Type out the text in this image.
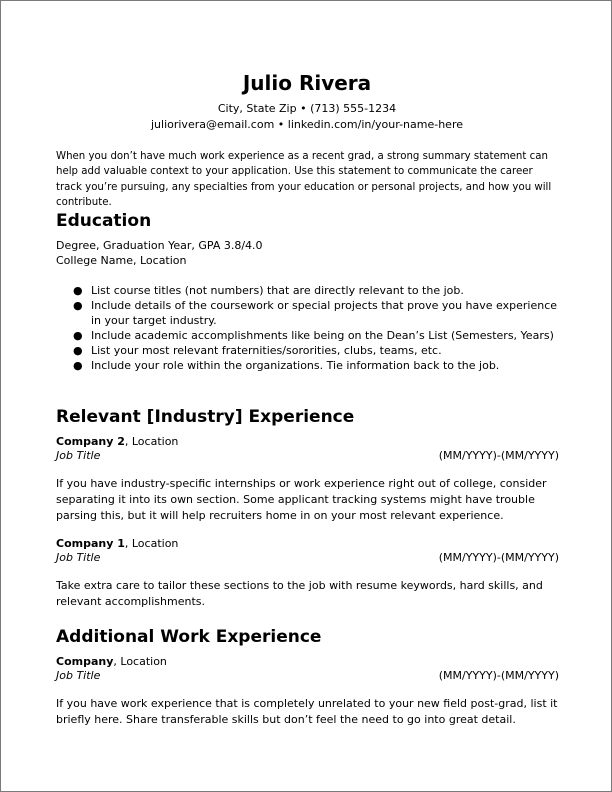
Julio Rivera
City, State Zip • (713) 555-1234
juliorivera@email.com • linkedin.com/in/your-name-here
When you don’t have much work experience as a recent grad, a strong summary statement can help add valuable context to your application. Use this statement to communicate the career track you’re pursuing, any specialties from your education or personal projects, and how you will contribute.
Education
Degree, Graduation Year, GPA 3.8/4.0
College Name, Location
● List course titles (not numbers) that are directly relevant to the job.
● Include details of the coursework or special projects that prove you have experience in your target industry.
● Include academic accomplishments like being on the Dean’s List (Semesters, Years)
● List your most relevant fraternities/sororities, clubs, teams, etc.
● Include your role within the organizations. Tie information back to the job.
Relevant [Industry] Experience
Company 2, Location
Job Title	(MM/YYYY)-(MM/YYYY)
If you have industry-specific internships or work experience right out of college, consider separating it into its own section. Some applicant tracking systems might have trouble parsing this, but it will help recruiters home in on your most relevant experience.
Company 1, Location
Job Title	(MM/YYYY)-(MM/YYYY)
Take extra care to tailor these sections to the job with resume keywords, hard skills, and relevant accomplishments.
Additional Work Experience
Company, Location
Job Title	(MM/YYYY)-(MM/YYYY)
If you have work experience that is completely unrelated to your new field post-grad, list it briefly here. Share transferable skills but don’t feel the need to go into great detail.
